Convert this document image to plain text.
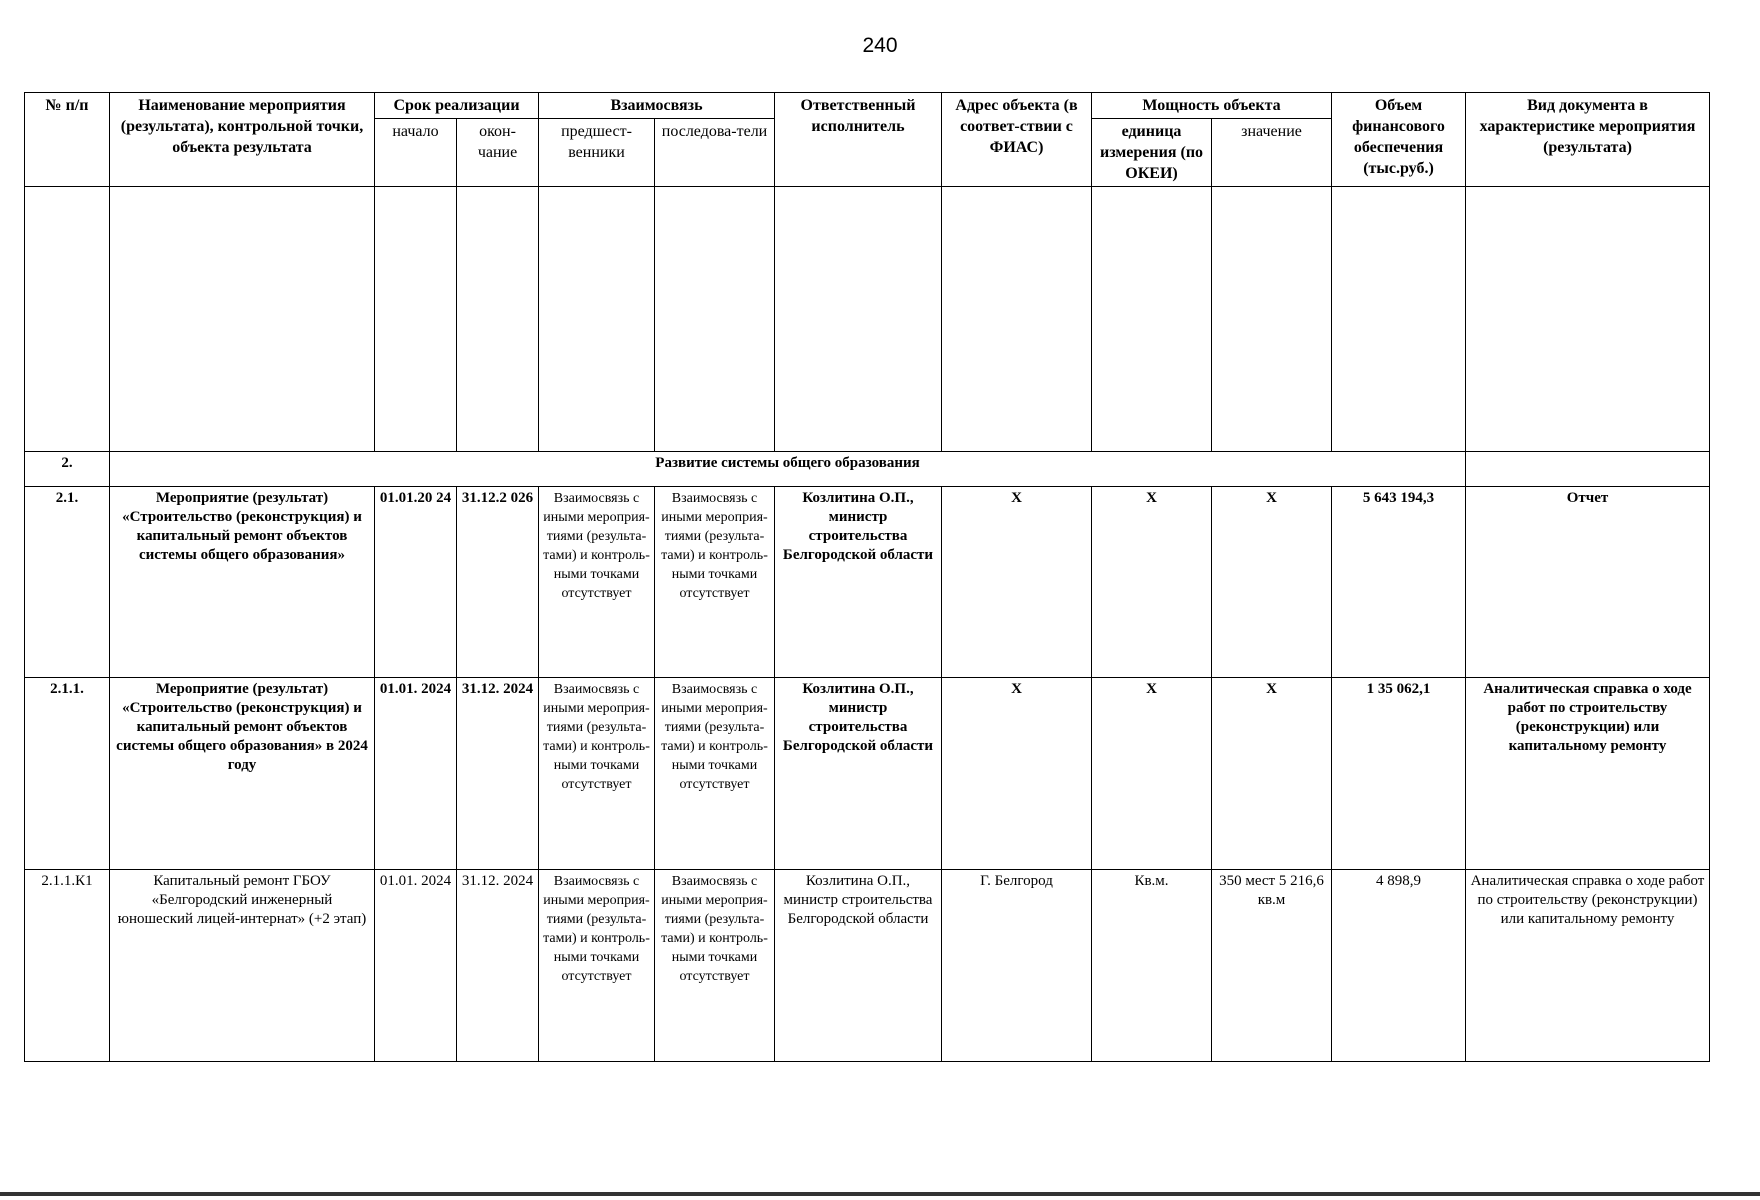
240
№ п/п	Наименование мероприятия (результата), контрольной точки, объекта результата	Срок реализации		Взаимосвязь		Ответственный исполнитель	Адрес объекта (в соответ-ствии с ФИАС)	Мощность объекта		Объем финансового обеспечения (тыс.руб.)	Вид документа в характеристике мероприятия (результата)
		начало	окон-чание	предшест-венники	последова-тели			единица измерения (по ОКЕИ)	значение		

2.	Развитие системы общего образования										
2.1.	Мероприятие (результат) «Строительство (реконструкция) и капитальный ремонт объектов системы общего образования»	01.01.20 24	31.12.2 026	Взаимосвязь с иными мероприя-тиями (результа-тами) и контроль-ными точками отсутствует	Взаимосвязь с иными мероприя-тиями (результа-тами) и контроль-ными точками отсутствует	Козлитина О.П., министр строительства Белгородской области	Х	Х	Х	5 643 194,3	Отчет
2.1.1.	Мероприятие (результат) «Строительство (реконструкция) и капитальный ремонт объектов системы общего образования» в 2024 году	01.01. 2024	31.12. 2024	Взаимосвязь с иными мероприя-тиями (результа-тами) и контроль-ными точками отсутствует	Взаимосвязь с иными мероприя-тиями (результа-тами) и контроль-ными точками отсутствует	Козлитина О.П., министр строительства Белгородской области	Х	Х	Х	1 35 062,1	Аналитическая справка о ходе работ по строительству (реконструкции) или капитальному ремонту
2.1.1.К1	Капитальный ремонт ГБОУ «Белгородский инженерный юношеский лицей-интернат» (+2 этап)	01.01. 2024	31.12. 2024	Взаимосвязь с иными мероприя-тиями (результа-тами) и контроль-ными точками отсутствует	Взаимосвязь с иными мероприя-тиями (результа-тами) и контроль-ными точками отсутствует	Козлитина О.П., министр строительства Белгородской области	Г. Белгород	Кв.м.	350 мест 5 216,6 кв.м	4 898,9	Аналитическая справка о ходе работ по строительству (реконструкции) или капитальному ремонту
